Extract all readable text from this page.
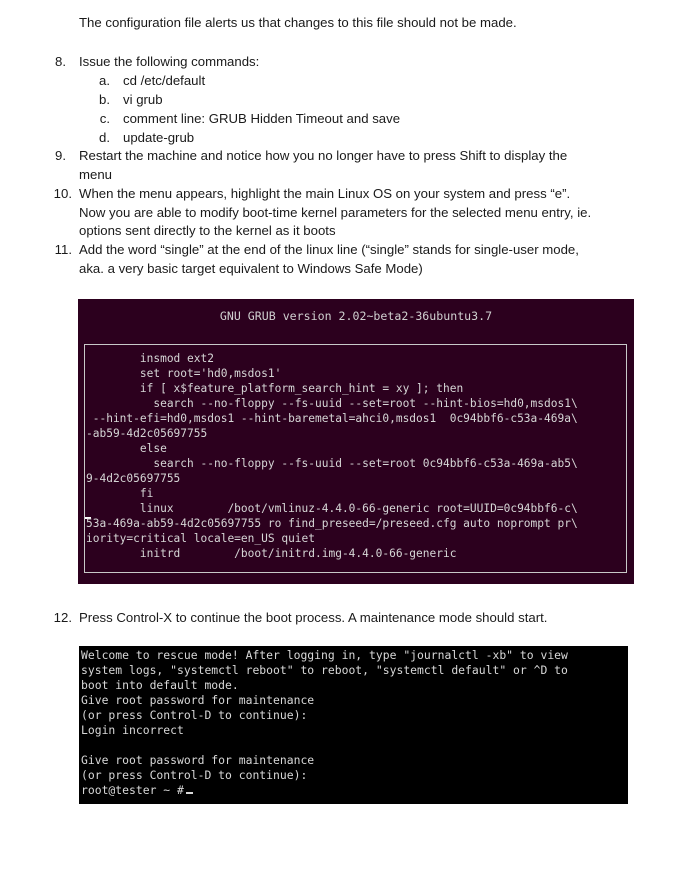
The configuration file alerts us that changes to this file should not be made.
8. Issue the following commands:
a. cd /etc/default
b. vi grub
c. comment line: GRUB Hidden Timeout and save
d. update-grub
9. Restart the machine and notice how you no longer have to press Shift to display the
menu
10. When the menu appears, highlight the main Linux OS on your system and press “e”.
Now you are able to modify boot-time kernel parameters for the selected menu entry, ie.
options sent directly to the kernel as it boots
11. Add the word “single” at the end of the linux line (“single” stands for single-user mode,
aka. a very basic target equivalent to Windows Safe Mode)
GNU GRUB version 2.02~beta2-36ubuntu3.7
insmod ext2
set root='hd0,msdos1'
if [ x$feature_platform_search_hint = xy ]; then
search --no-floppy --fs-uuid --set=root --hint-bios=hd0,msdos1\
--hint-efi=hd0,msdos1 --hint-baremetal=ahci0,msdos1  0c94bbf6-c53a-469a\
-ab59-4d2c05697755
else
search --no-floppy --fs-uuid --set=root 0c94bbf6-c53a-469a-ab5\
9-4d2c05697755
fi
linux        /boot/vmlinuz-4.4.0-66-generic root=UUID=0c94bbf6-c\
53a-469a-ab59-4d2c05697755 ro find_preseed=/preseed.cfg auto noprompt pr\
iority=critical locale=en_US quiet
initrd        /boot/initrd.img-4.4.0-66-generic
12. Press Control-X to continue the boot process. A maintenance mode should start.
Welcome to rescue mode! After logging in, type "journalctl -xb" to view
system logs, "systemctl reboot" to reboot, "systemctl default" or ^D to
boot into default mode.
Give root password for maintenance
(or press Control-D to continue):
Login incorrect
Give root password for maintenance
(or press Control-D to continue):
root@tester ~ #
